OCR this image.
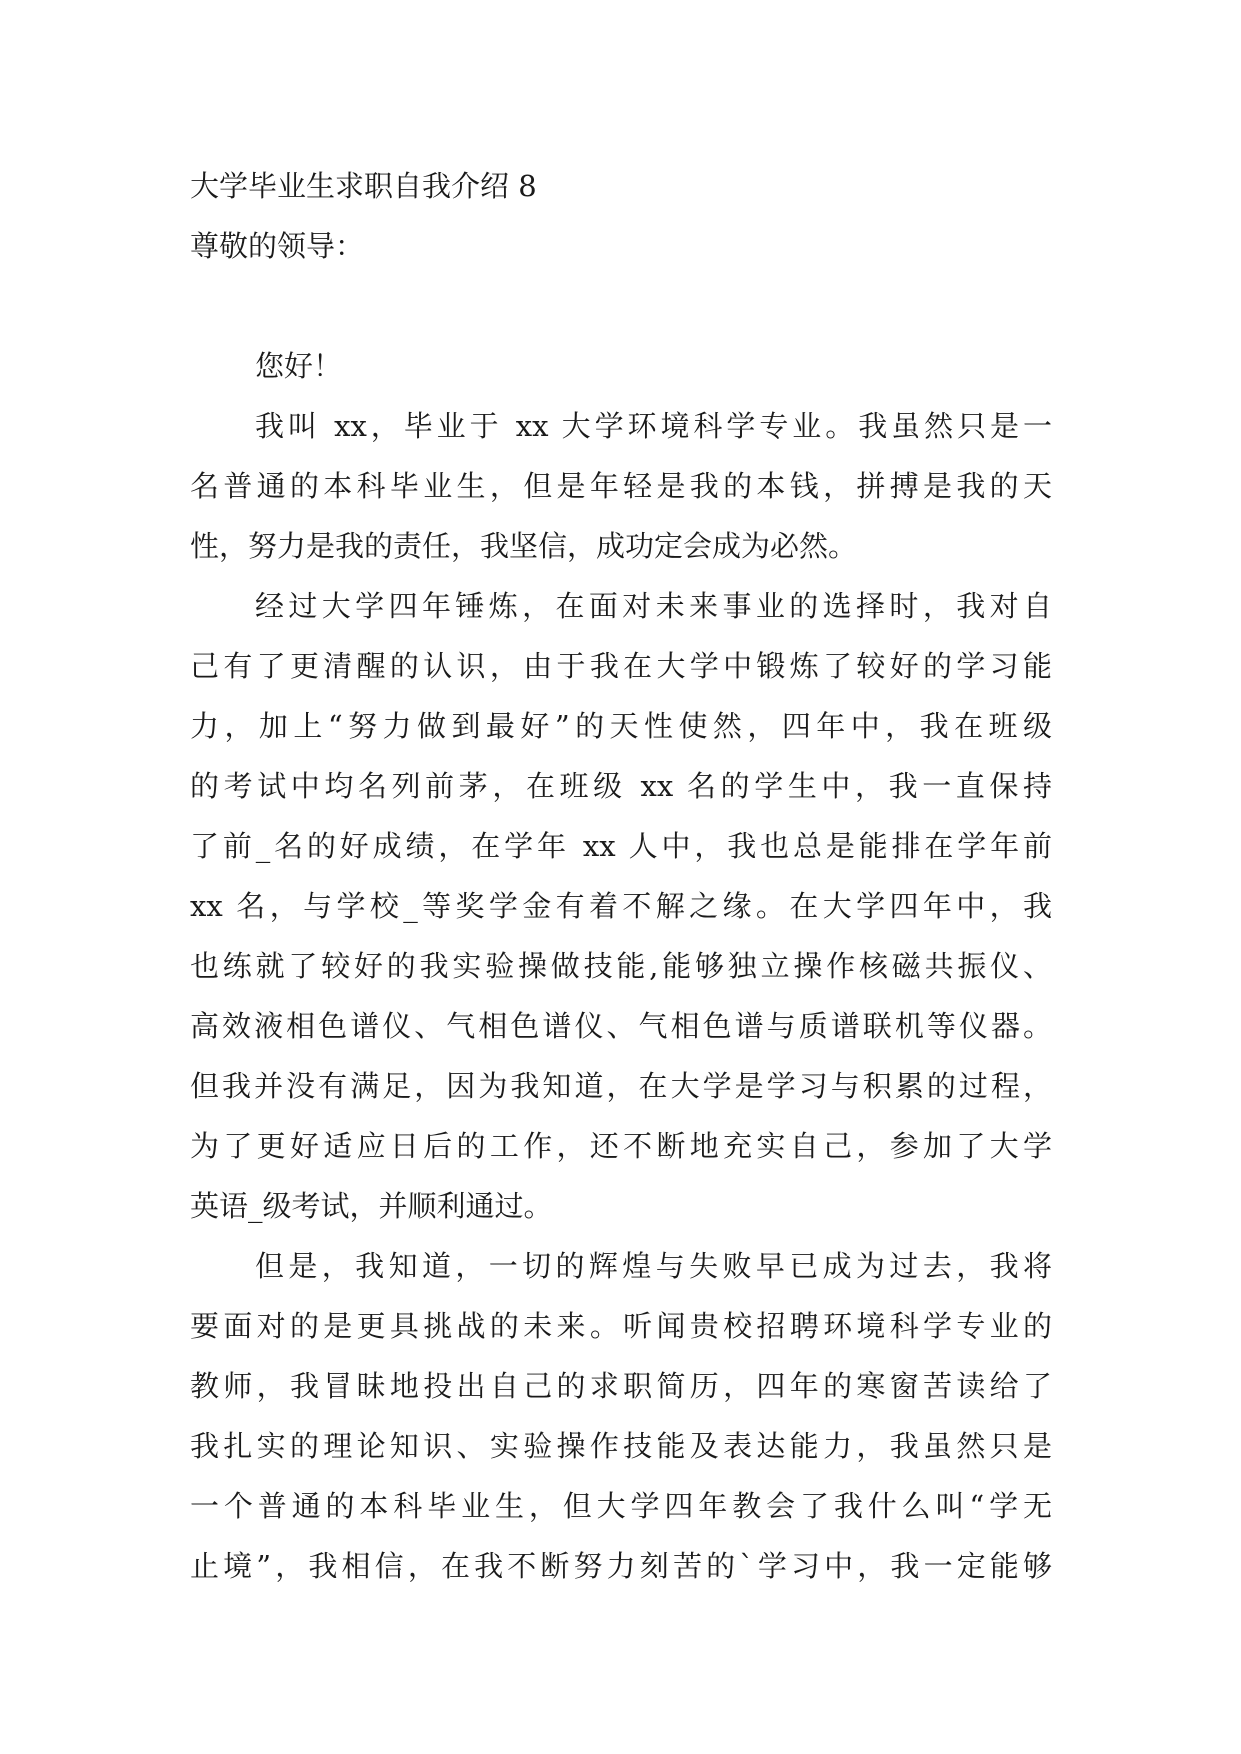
大学毕业生求职自我介绍 8
尊敬的领导：
您好！
我叫 xx，毕业于 xx 大学环境科学专业。我虽然只是一
名普通的本科毕业生，但是年轻是我的本钱，拼搏是我的天
性，努力是我的责任，我坚信，成功定会成为必然。
经过大学四年锤炼，在面对未来事业的选择时，我对自
己有了更清醒的认识，由于我在大学中锻炼了较好的学习能
力，加上“努力做到最好”的天性使然，四年中，我在班级
的考试中均名列前茅，在班级 xx 名的学生中，我一直保持
了前_名的好成绩，在学年 xx 人中，我也总是能排在学年前
xx 名，与学校_等奖学金有着不解之缘。在大学四年中，我
也练就了较好的我实验操做技能,能够独立操作核磁共振仪、
高效液相色谱仪、气相色谱仪、气相色谱与质谱联机等仪器。
但我并没有满足，因为我知道，在大学是学习与积累的过程，
为了更好适应日后的工作，还不断地充实自己，参加了大学
英语_级考试，并顺利通过。
但是，我知道，一切的辉煌与失败早已成为过去，我将
要面对的是更具挑战的未来。听闻贵校招聘环境科学专业的
教师，我冒昧地投出自己的求职简历，四年的寒窗苦读给了
我扎实的理论知识、实验操作技能及表达能力，我虽然只是
一个普通的本科毕业生，但大学四年教会了我什么叫“学无
止境”，我相信，在我不断努力刻苦的`学习中，我一定能够
